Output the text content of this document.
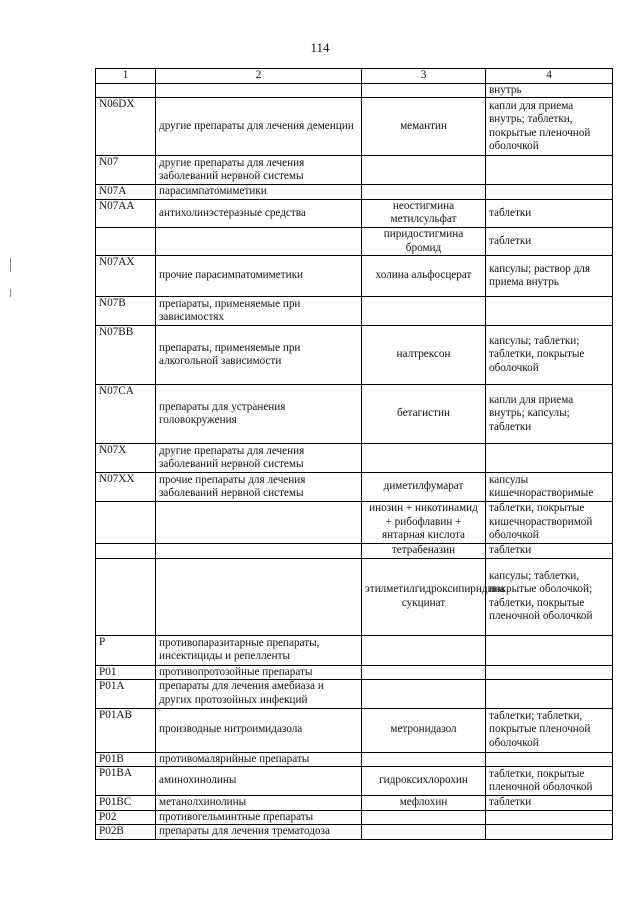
114
1	2	3	4
			внутрь
N06DX	другие препараты для лечения деменции	мемантин	капли для приема внутрь; таблетки, покрытые пленочной оболочкой
N07	другие препараты для лечения заболеваний нервной системы		
N07A	парасимпатомиметики		
N07AA	антихолинэстеразные средства	неостигмина метилсульфат	таблетки
		пиридостигмина бромид	таблетки
N07AX	прочие парасимпатомиметики	холина альфосцерат	капсулы; раствор для приема внутрь
N07B	препараты, применяемые при зависимостях		
N07BB	препараты, применяемые при алкогольной зависимости	налтрексон	капсулы; таблетки; таблетки, покрытые оболочкой
N07CA	препараты для устранения головокружения	бетагистин	капли для приема внутрь; капсулы; таблетки
N07X	другие препараты для лечения заболеваний нервной системы		
N07XX	прочие препараты для лечения заболеваний нервной системы	диметилфумарат	капсулы кишечнорастворимые
		инозин + никотинамид + рибофлавин + янтарная кислота	таблетки, покрытые кишечнорастворимой оболочкой
		тетрабеназин	таблетки
		этилметилгидроксипиридина сукцинат	капсулы; таблетки, покрытые оболочкой; таблетки, покрытые пленочной оболочкой
P	противопаразитарные препараты, инсектициды и репелленты		
P01	противопротозойные препараты		
P01A	препараты для лечения амебиаза и других протозойных инфекций		
P01AB	производные нитроимидазола	метронидазол	таблетки; таблетки, покрытые пленочной оболочкой
P01B	противомалярийные препараты		
P01BA	аминохинолины	гидроксихлорохин	таблетки, покрытые пленочной оболочкой
P01BC	метанолхинолины	мефлохин	таблетки
P02	противогельминтные препараты		
P02B	препараты для лечения трематодоза		
